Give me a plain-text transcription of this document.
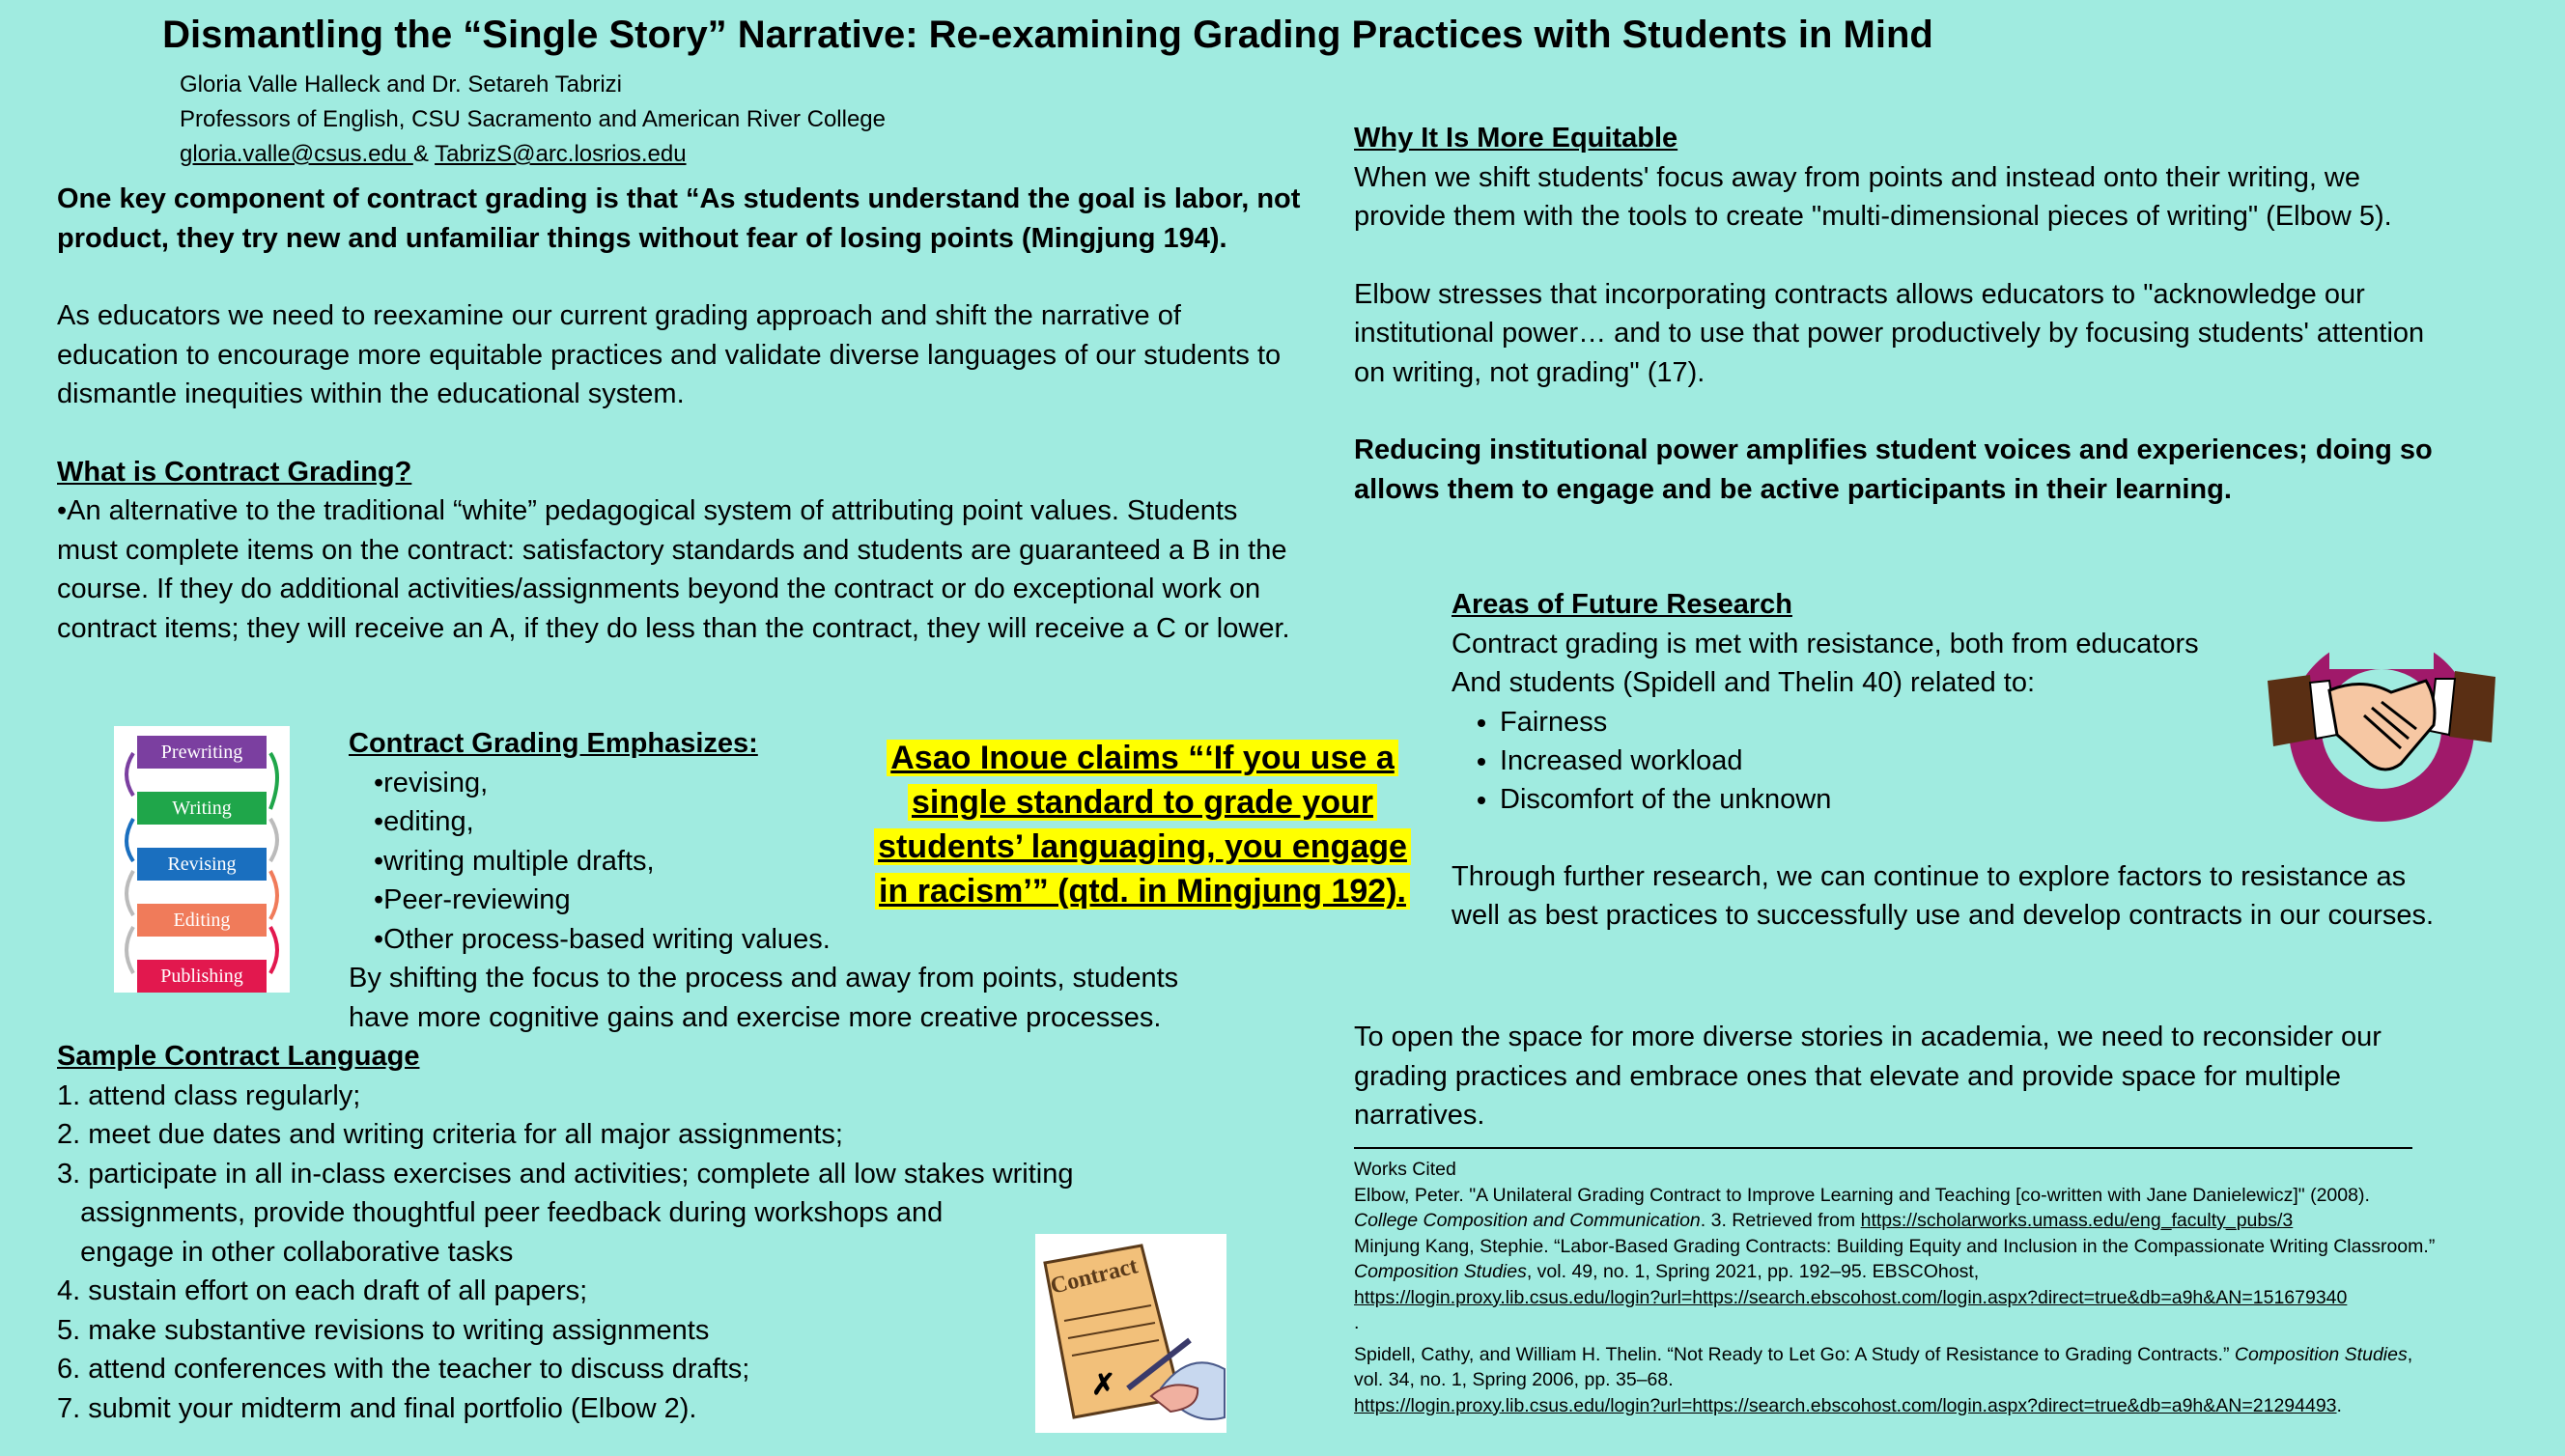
Dismantling the “Single Story” Narrative: Re-examining Grading Practices with Students in Mind
Gloria Valle Halleck and Dr. Setareh Tabrizi
Professors of English, CSU Sacramento and American River College
gloria.valle@csus.edu & TabrizS@arc.losrios.edu

One key component of contract grading is that “As students understand the goal is labor, not product, they try new and unfamiliar things without fear of losing points (Mingjung 194).

As educators we need to reexamine our current grading approach and shift the narrative of education to encourage more equitable practices and validate diverse languages of our students to dismantle inequities within the educational system.

What is Contract Grading?

•An alternative to the traditional “white” pedagogical system of attributing point values. Students must complete items on the contract: satisfactory standards and students are guaranteed a B in the course. If they do additional activities/assignments beyond the contract or do exceptional work on contract items; they will receive an A, if they do less than the contract, they will receive a C or lower.

Prewriting
Writing
Revising
Editing
Publishing

Contract Grading Emphasizes:

•revising,
•editing,
•writing multiple drafts,
•Peer-reviewing
•Other process-based writing values.

By shifting the focus to the process and away from points, students have more cognitive gains and exercise more creative processes.

Asao Inoue claims “‘If you use a single standard to grade your students’ languaging, you engage in racism’” (qtd. in Mingjung 192).
Sample Contract Language
1. attend class regularly;
2. meet due dates and writing criteria for all major assignments;
3. participate in all in-class exercises and activities; complete all low stakes writing
assignments, provide thoughtful peer feedback during workshops and
engage in other collaborative tasks
4. sustain effort on each draft of all papers;
5. make substantive revisions to writing assignments
6. attend conferences with the teacher to discuss drafts;
7. submit your midterm and final portfolio (Elbow 2).
Contract
✗

Why It Is More Equitable

When we shift students' focus away from points and instead onto their writing, we provide them with the tools to create "multi-dimensional pieces of writing" (Elbow 5).

Elbow stresses that incorporating contracts allows educators to "acknowledge our institutional power… and to use that power productively by focusing students' attention on writing, not grading" (17).

Reducing institutional power amplifies student voices and experiences; doing so allows them to engage and be active participants in their learning.

Areas of Future Research

Contract grading is met with resistance, both from educators

And students (Spidell and Thelin 40) related to:

• Fairness
• Increased workload
• Discomfort of the unknown

Through further research, we can continue to explore factors to resistance as well as best practices to successfully use and develop contracts in our courses.

To open the space for more diverse stories in academia, we need to reconsider our grading practices and embrace ones that elevate and provide space for multiple narratives.

Works Cited

Elbow, Peter. "A Unilateral Grading Contract to Improve Learning and Teaching [co-written with Jane Danielewicz]" (2008). College Composition and Communication. 3. Retrieved from https://scholarworks.umass.edu/eng_faculty_pubs/3

Minjung Kang, Stephie. “Labor-Based Grading Contracts: Building Equity and Inclusion in the Compassionate Writing Classroom.” Composition Studies, vol. 49, no. 1, Spring 2021, pp. 192–95. EBSCOhost,
https://login.proxy.lib.csus.edu/login?url=https://search.ebscohost.com/login.aspx?direct=true&db=a9h&AN=151679340
.

Spidell, Cathy, and William H. Thelin. “Not Ready to Let Go: A Study of Resistance to Grading Contracts.” Composition Studies, vol. 34, no. 1, Spring 2006, pp. 35–68.
https://login.proxy.lib.csus.edu/login?url=https://search.ebscohost.com/login.aspx?direct=true&db=a9h&AN=21294493.
